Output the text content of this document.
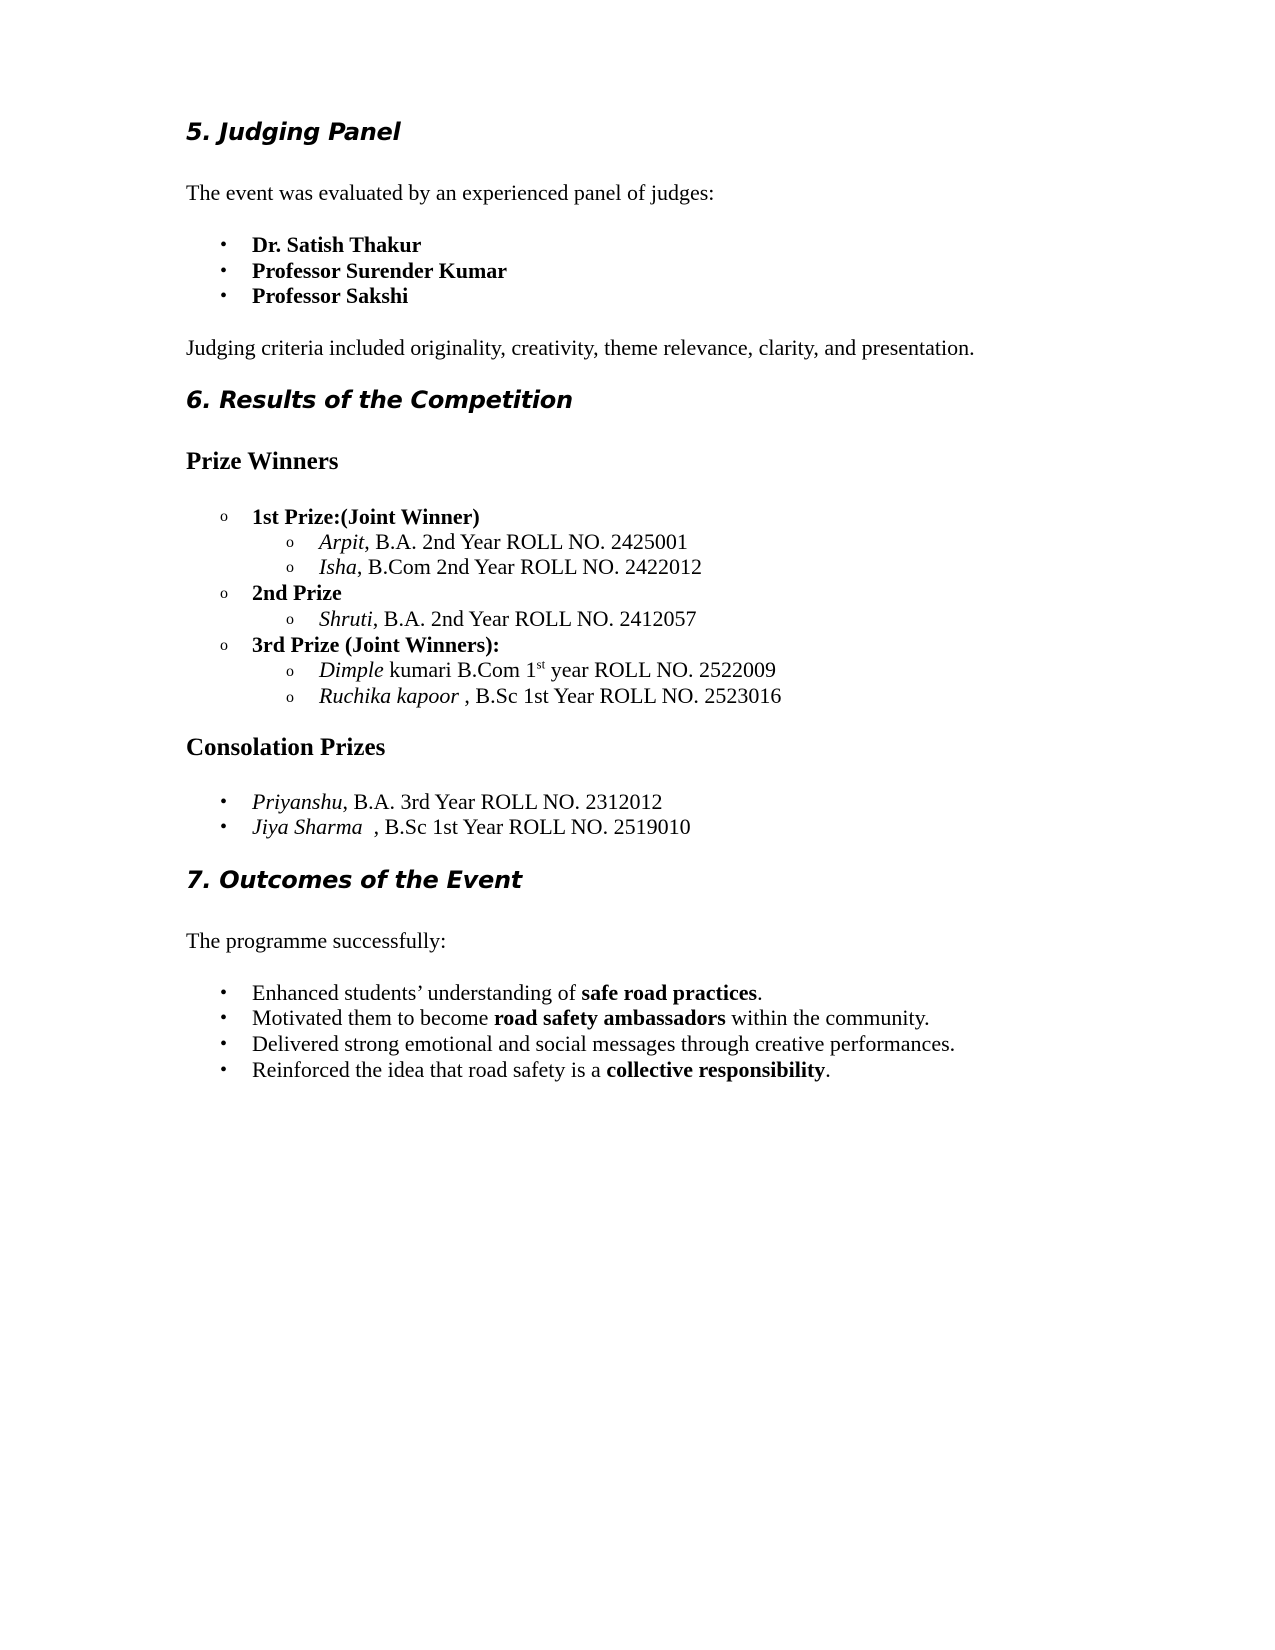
5. Judging Panel

The event was evaluated by an experienced panel of judges:

• Dr. Satish Thakur
• Professor Surender Kumar
• Professor Sakshi

Judging criteria included originality, creativity, theme relevance, clarity, and presentation.

6. Results of the Competition
Prize Winners
o 1st Prize:(Joint Winner)
o Arpit, B.A. 2nd Year ROLL NO. 2425001
o Isha, B.Com 2nd Year ROLL NO. 2422012
o 2nd Prize
o Shruti, B.A. 2nd Year ROLL NO. 2412057
o 3rd Prize (Joint Winners):
o Dimple kumari B.Com 1st year ROLL NO. 2522009
o Ruchika kapoor , B.Sc 1st Year ROLL NO. 2523016
Consolation Prizes
• Priyanshu, B.A. 3rd Year ROLL NO. 2312012
• Jiya Sharma  , B.Sc 1st Year ROLL NO. 2519010
7. Outcomes of the Event

The programme successfully:

• Enhanced students’ understanding of safe road practices.
• Motivated them to become road safety ambassadors within the community.
• Delivered strong emotional and social messages through creative performances.
• Reinforced the idea that road safety is a collective responsibility.
